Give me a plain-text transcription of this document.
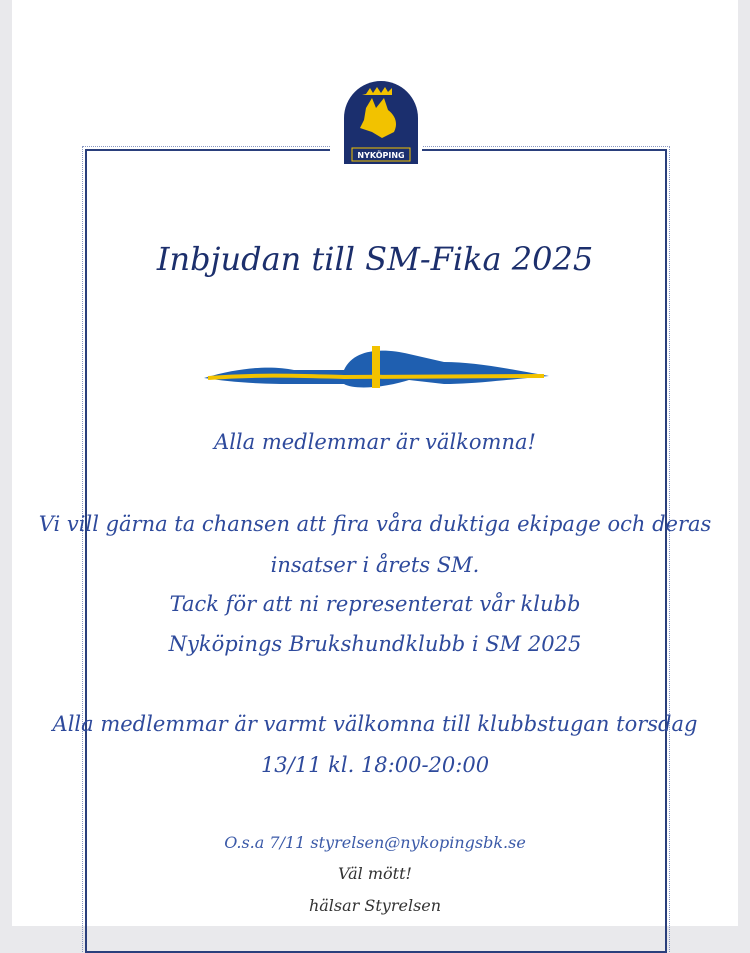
NYKÖPING
Inbjudan till SM-Fika 2025
Alla medlemmar är välkomna!
Vi vill gärna ta chansen att fira våra duktiga ekipage och deras
insatser i årets SM.
Tack för att ni representerat vår klubb
Nyköpings Brukshundklubb i SM 2025
Alla medlemmar är varmt välkomna till klubbstugan torsdag
13/11 kl. 18:00-20:00
O.s.a 7/11 styrelsen@nykopingsbk.se
Väl mött!
hälsar Styrelsen
